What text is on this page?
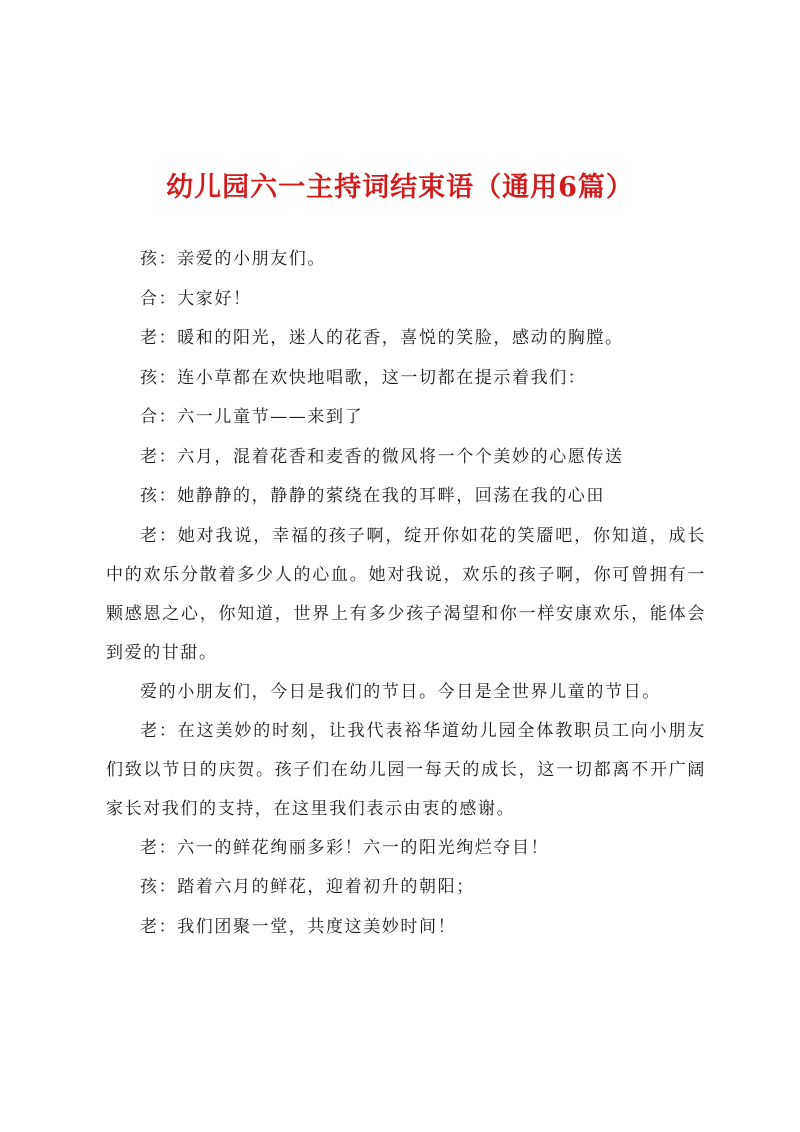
幼儿园六一主持词结束语（通用6篇）

孩：亲爱的小朋友们。

合：大家好！

老：暖和的阳光，迷人的花香，喜悦的笑脸，感动的胸膛。

孩：连小草都在欢快地唱歌，这一切都在提示着我们：

合：六一儿童节——来到了

老：六月，混着花香和麦香的微风将一个个美妙的心愿传送

孩：她静静的，静静的萦绕在我的耳畔，回荡在我的心田

老：她对我说，幸福的孩子啊，绽开你如花的笑靥吧，你知道，成长中的欢乐分散着多少人的心血。她对我说，欢乐的孩子啊，你可曾拥有一颗感恩之心，你知道，世界上有多少孩子渴望和你一样安康欢乐，能体会到爱的甘甜。

爱的小朋友们，今日是我们的节日。今日是全世界儿童的节日。

老：在这美妙的时刻，让我代表裕华道幼儿园全体教职员工向小朋友们致以节日的庆贺。孩子们在幼儿园一每天的成长，这一切都离不开广阔家长对我们的支持，在这里我们表示由衷的感谢。

老：六一的鲜花绚丽多彩！六一的阳光绚烂夺目！

孩：踏着六月的鲜花，迎着初升的朝阳；

老：我们团聚一堂，共度这美妙时间！
